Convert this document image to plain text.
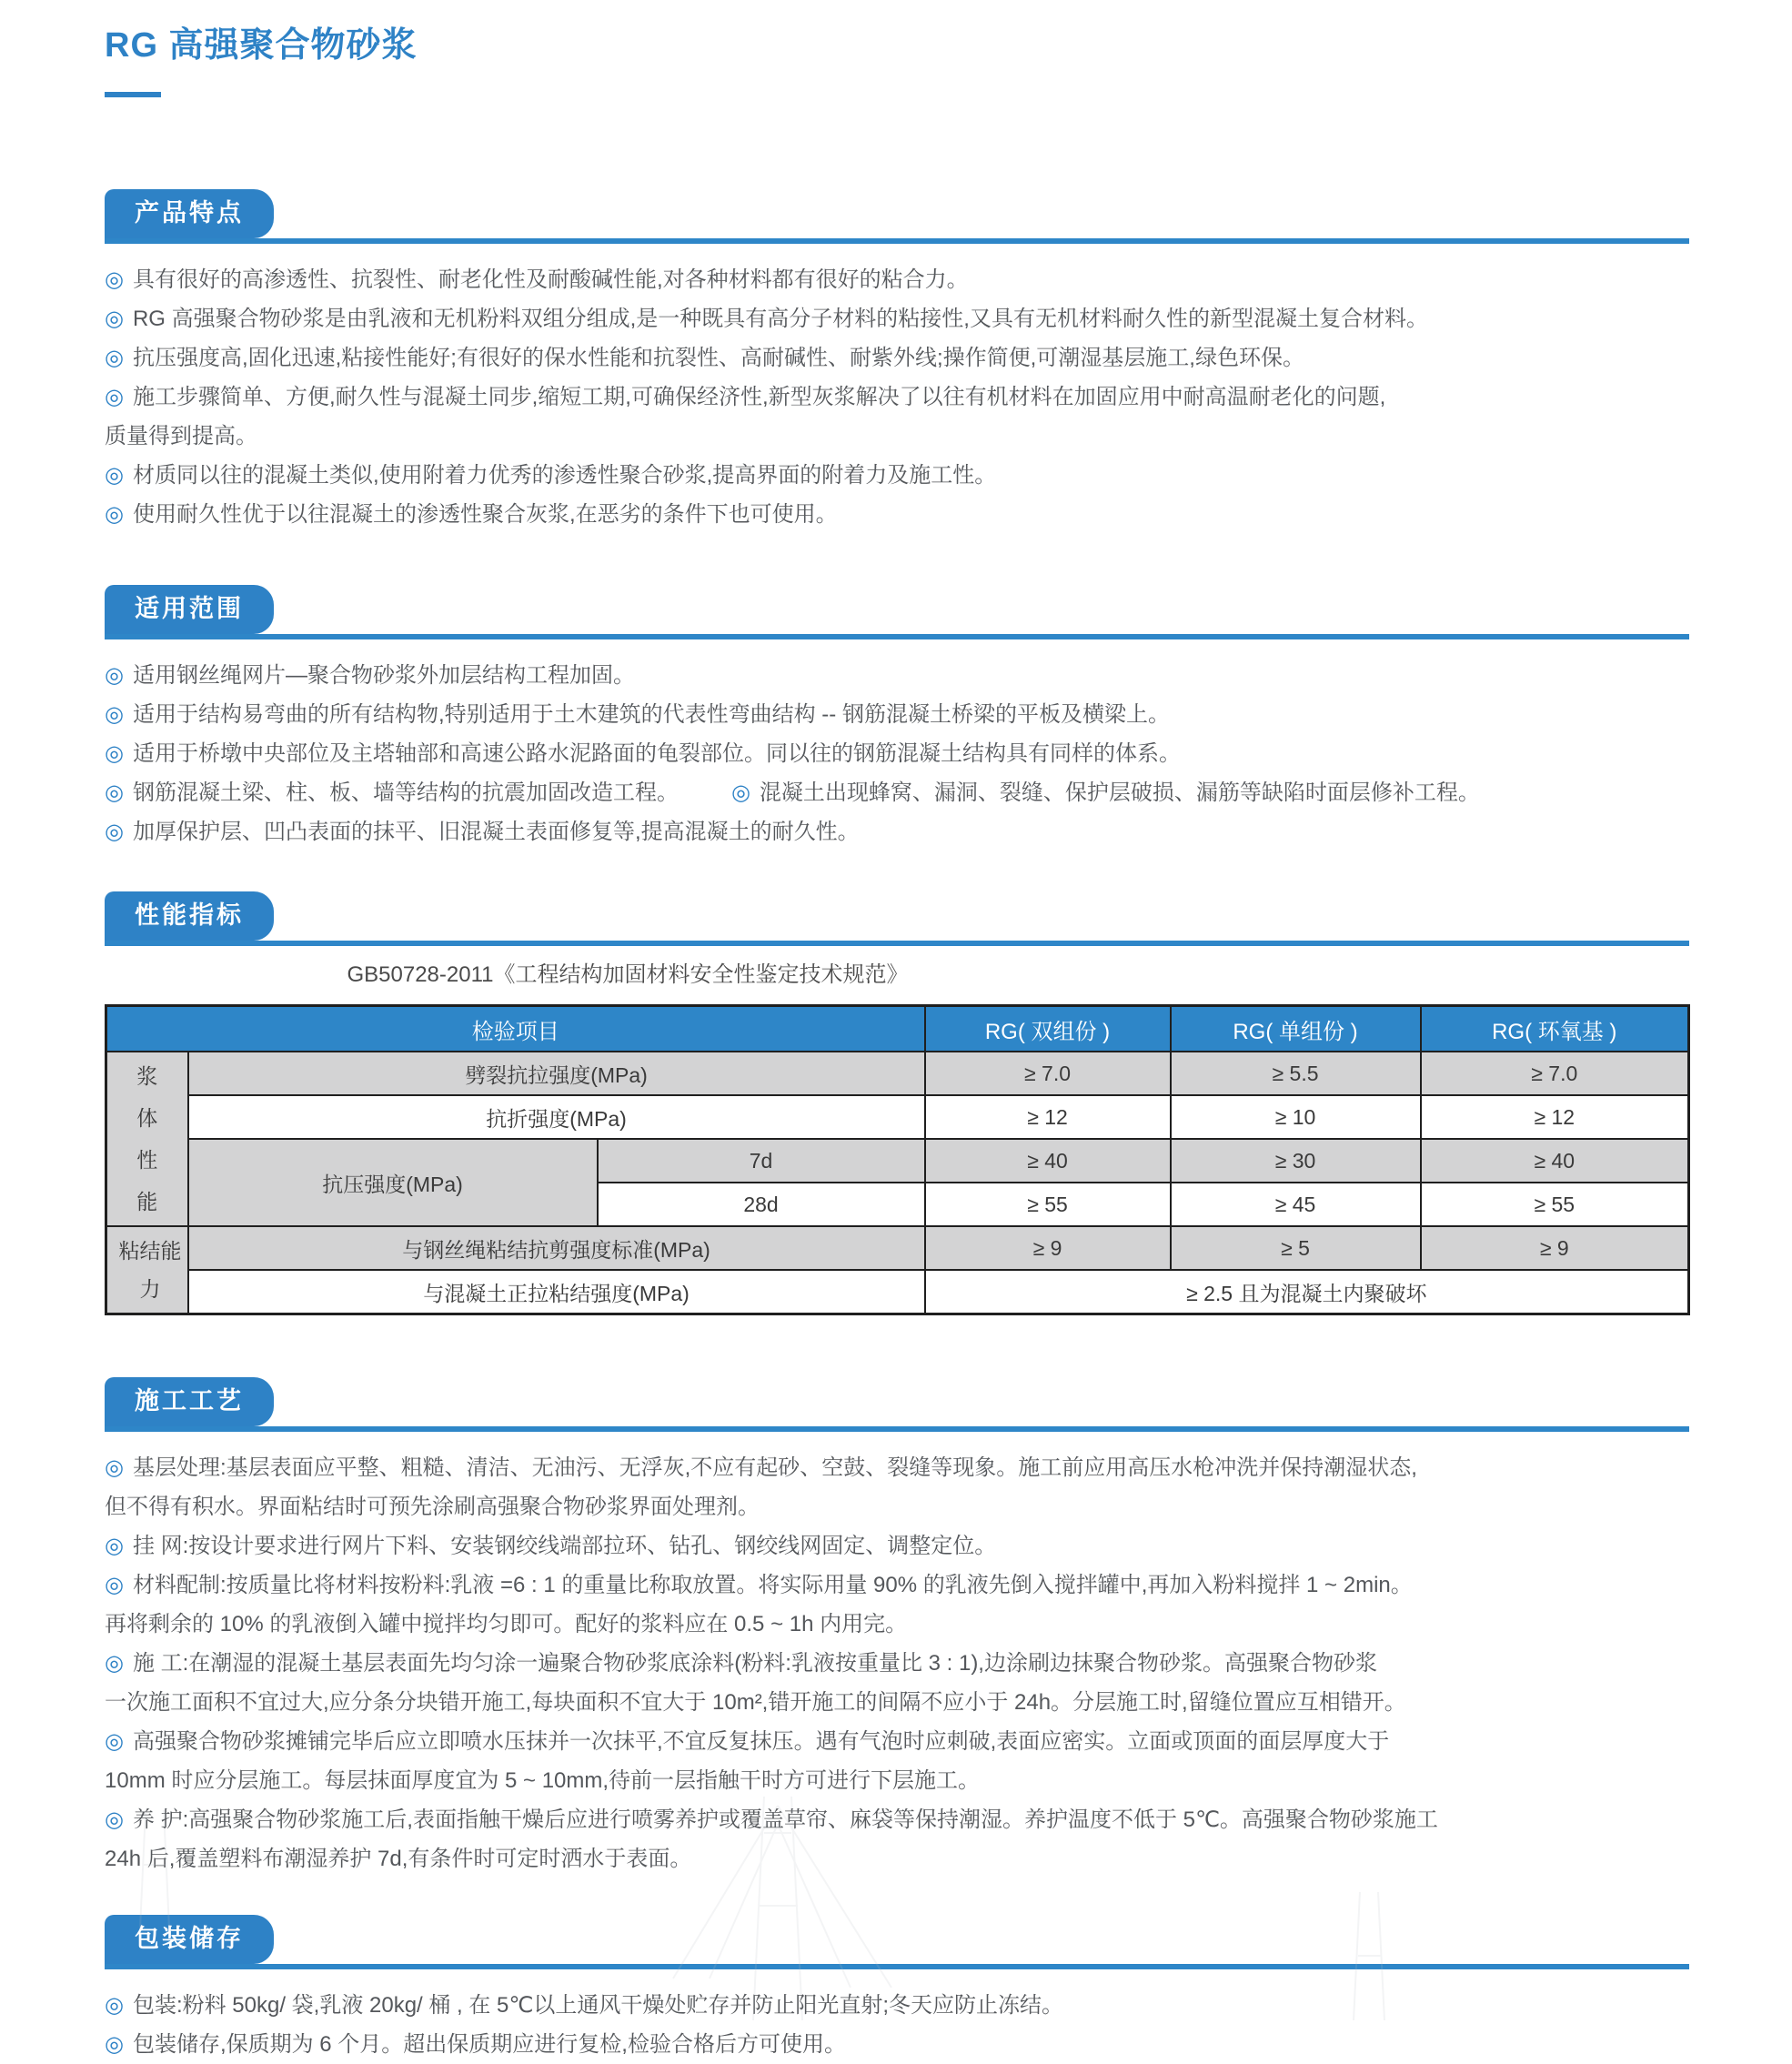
RG 高强聚合物砂浆
产品特点
◎ 具有很好的高渗透性、抗裂性、耐老化性及耐酸碱性能,对各种材料都有很好的粘合力。
◎ RG 高强聚合物砂浆是由乳液和无机粉料双组分组成,是一种既具有高分子材料的粘接性,又具有无机材料耐久性的新型混凝土复合材料。
◎ 抗压强度高,固化迅速,粘接性能好;有很好的保水性能和抗裂性、高耐碱性、耐紫外线;操作简便,可潮湿基层施工,绿色环保。
◎ 施工步骤简单、方便,耐久性与混凝土同步,缩短工期,可确保经济性,新型灰浆解决了以往有机材料在加固应用中耐高温耐老化的问题,
质量得到提高。
◎ 材质同以往的混凝土类似,使用附着力优秀的渗透性聚合砂浆,提高界面的附着力及施工性。
◎ 使用耐久性优于以往混凝土的渗透性聚合灰浆,在恶劣的条件下也可使用。
适用范围
◎ 适用钢丝绳网片—聚合物砂浆外加层结构工程加固。
◎ 适用于结构易弯曲的所有结构物,特别适用于土木建筑的代表性弯曲结构 -- 钢筋混凝土桥梁的平板及横梁上。
◎ 适用于桥墩中央部位及主塔轴部和高速公路水泥路面的龟裂部位。同以往的钢筋混凝土结构具有同样的体系。
◎ 钢筋混凝土梁、柱、板、墙等结构的抗震加固改造工程。 ◎ 混凝土出现蜂窝、漏洞、裂缝、保护层破损、漏筋等缺陷时面层修补工程。
◎ 加厚保护层、凹凸表面的抹平、旧混凝土表面修复等,提高混凝土的耐久性。
性能指标
GB50728-2011《工程结构加固材料安全性鉴定技术规范》
检验项目			RG( 双组份 )	RG( 单组份 )	RG( 环氧基 )
浆体性能	劈裂抗拉强度(MPa)		≥ 7.0	≥ 5.5	≥ 7.0
	抗折强度(MPa)		≥ 12	≥ 10	≥ 12
	抗压强度(MPa)	7d	≥ 40	≥ 30	≥ 40
		28d	≥ 55	≥ 45	≥ 55
粘结能力	与钢丝绳粘结抗剪强度标准(MPa)		≥ 9	≥ 5	≥ 9
	与混凝土正拉粘结强度(MPa)		≥ 2.5 且为混凝土内聚破坏		
施工工艺
◎ 基层处理:基层表面应平整、粗糙、清洁、无油污、无浮灰,不应有起砂、空鼓、裂缝等现象。施工前应用高压水枪冲洗并保持潮湿状态,
但不得有积水。界面粘结时可预先涂刷高强聚合物砂浆界面处理剂。
◎ 挂 网:按设计要求进行网片下料、安装钢绞线端部拉环、钻孔、钢绞线网固定、调整定位。
◎ 材料配制:按质量比将材料按粉料:乳液 =6 : 1 的重量比称取放置。将实际用量 90% 的乳液先倒入搅拌罐中,再加入粉料搅拌 1 ~ 2min。
再将剩余的 10% 的乳液倒入罐中搅拌均匀即可。配好的浆料应在 0.5 ~ 1h 内用完。
◎ 施 工:在潮湿的混凝土基层表面先均匀涂一遍聚合物砂浆底涂料(粉料:乳液按重量比 3 : 1),边涂刷边抹聚合物砂浆。高强聚合物砂浆
一次施工面积不宜过大,应分条分块错开施工,每块面积不宜大于 10m²,错开施工的间隔不应小于 24h。分层施工时,留缝位置应互相错开。
◎ 高强聚合物砂浆摊铺完毕后应立即喷水压抹并一次抹平,不宜反复抹压。遇有气泡时应刺破,表面应密实。立面或顶面的面层厚度大于
10mm 时应分层施工。每层抹面厚度宜为 5 ~ 10mm,待前一层指触干时方可进行下层施工。
◎ 养 护:高强聚合物砂浆施工后,表面指触干燥后应进行喷雾养护或覆盖草帘、麻袋等保持潮湿。养护温度不低于 5℃。高强聚合物砂浆施工
24h 后,覆盖塑料布潮湿养护 7d,有条件时可定时洒水于表面。
包装储存
◎ 包装:粉料 50kg/ 袋,乳液 20kg/ 桶 , 在 5℃以上通风干燥处贮存并防止阳光直射;冬天应防止冻结。
◎ 包装储存,保质期为 6 个月。超出保质期应进行复检,检验合格后方可使用。
